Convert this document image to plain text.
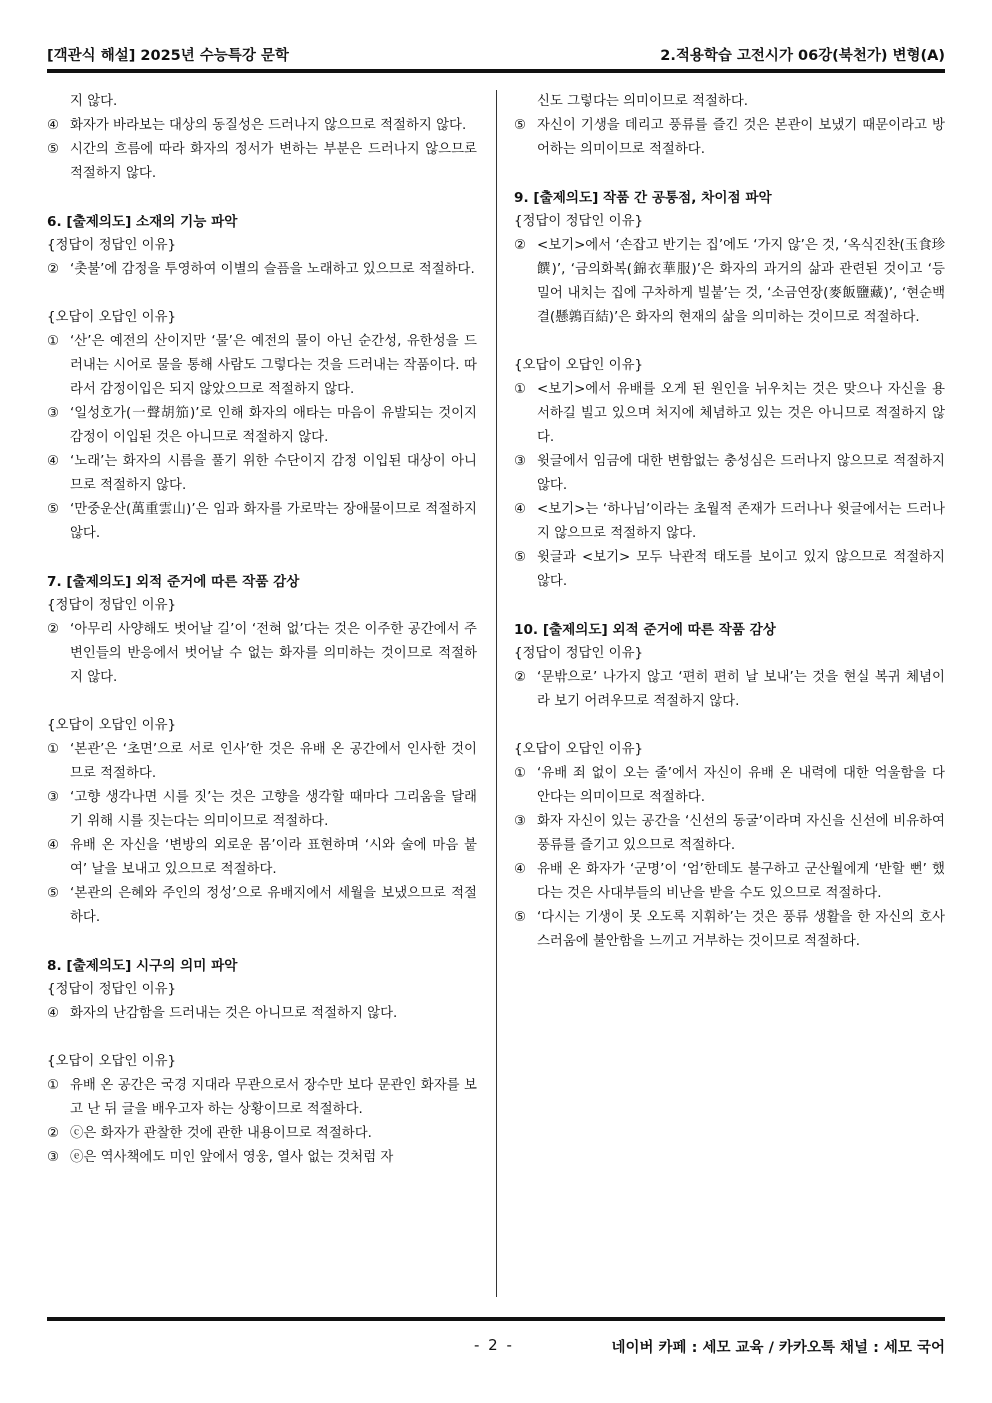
[객관식 해설] 2025년 수능특강 문학	2.적용학습 고전시가 06강(북천가) 변형(A)
지 않다.
④ 화자가 바라보는 대상의 동질성은 드러나지 않으므로 적절하지 않다.
⑤ 시간의 흐름에 따라 화자의 정서가 변하는 부분은 드러나지 않으므로 적절하지 않다.
6. [출제의도] 소재의 기능 파악
{정답이 정답인 이유}
② ‘촛불’에 감정을 투영하여 이별의 슬픔을 노래하고 있으므로 적절하다.
{오답이 오답인 이유}
① ‘산’은 예전의 산이지만 ‘물’은 예전의 물이 아닌 순간성, 유한성을 드러내는 시어로 물을 통해 사람도 그렇다는 것을 드러내는 작품이다. 따라서 감정이입은 되지 않았으므로 적절하지 않다.
③ ‘일성호가(一聲胡笳)’로 인해 화자의 애타는 마음이 유발되는 것이지 감정이 이입된 것은 아니므로 적절하지 않다.
④ ‘노래’는 화자의 시름을 풀기 위한 수단이지 감정 이입된 대상이 아니므로 적절하지 않다.
⑤ ‘만중운산(萬重雲山)’은 임과 화자를 가로막는 장애물이므로 적절하지 않다.
7. [출제의도] 외적 준거에 따른 작품 감상
{정답이 정답인 이유}
② ‘아무리 사양해도 벗어날 길’이 ‘전혀 없’다는 것은 이주한 공간에서 주변인들의 반응에서 벗어날 수 없는 화자를 의미하는 것이므로 적절하지 않다.
{오답이 오답인 이유}
① ‘본관’은 ‘초면’으로 서로 인사’한 것은 유배 온 공간에서 인사한 것이므로 적절하다.
③ ‘고향 생각나면 시를 짓’는 것은 고향을 생각할 때마다 그리움을 달래기 위해 시를 짓는다는 의미이므로 적절하다.
④ 유배 온 자신을 ‘변방의 외로운 몸’이라 표현하며 ‘시와 술에 마음 붙여’ 날을 보내고 있으므로 적절하다.
⑤ ‘본관의 은혜와 주인의 정성’으로 유배지에서 세월을 보냈으므로 적절하다.
8. [출제의도] 시구의 의미 파악
{정답이 정답인 이유}
④ 화자의 난감함을 드러내는 것은 아니므로 적절하지 않다.
{오답이 오답인 이유}
① 유배 온 공간은 국경 지대라 무관으로서 장수만 보다 문관인 화자를 보고 난 뒤 글을 배우고자 하는 상황이므로 적절하다.
② ⓒ은 화자가 관찰한 것에 관한 내용이므로 적절하다.
③ ⓔ은 역사책에도 미인 앞에서 영웅, 열사 없는 것처럼 자
신도 그렇다는 의미이므로 적절하다.
⑤ 자신이 기생을 데리고 풍류를 즐긴 것은 본관이 보냈기 때문이라고 방어하는 의미이므로 적절하다.
9. [출제의도] 작품 간 공통점, 차이점 파악
{정답이 정답인 이유}
② <보기>에서 ‘손잡고 반기는 집’에도 ‘가지 않’은 것, ‘옥식진찬(玉食珍饌)’, ‘금의화복(錦衣華服)’은 화자의 과거의 삶과 관련된 것이고 ‘등 밀어 내치는 집에 구차하게 빌붙’는 것, ‘소금연장(麥飯鹽藏)’, ‘현순백결(懸鶉百結)’은 화자의 현재의 삶을 의미하는 것이므로 적절하다.
{오답이 오답인 이유}
① <보기>에서 유배를 오게 된 원인을 뉘우치는 것은 맞으나 자신을 용서하길 빌고 있으며 처지에 체념하고 있는 것은 아니므로 적절하지 않다.
③ 윗글에서 임금에 대한 변함없는 충성심은 드러나지 않으므로 적절하지 않다.
④ <보기>는 ‘하나님’이라는 초월적 존재가 드러나나 윗글에서는 드러나지 않으므로 적절하지 않다.
⑤ 윗글과 <보기> 모두 낙관적 태도를 보이고 있지 않으므로 적절하지 않다.
10. [출제의도] 외적 준거에 따른 작품 감상
{정답이 정답인 이유}
② ‘문밖으로’ 나가지 않고 ‘편히 편히 날 보내’는 것을 현실 복귀 체념이라 보기 어려우므로 적절하지 않다.
{오답이 오답인 이유}
① ‘유배 죄 없이 오는 줄’에서 자신이 유배 온 내력에 대한 억울함을 다 안다는 의미이므로 적절하다.
③ 화자 자신이 있는 공간을 ‘신선의 동굴’이라며 자신을 신선에 비유하여 풍류를 즐기고 있으므로 적절하다.
④ 유배 온 화자가 ‘군명’이 ‘엄’한데도 불구하고 군산월에게 ‘반할 뻔’ 했다는 것은 사대부들의 비난을 받을 수도 있으므로 적절하다.
⑤ ‘다시는 기생이 못 오도록 지휘하’는 것은 풍류 생활을 한 자신의 호사스러움에 불안함을 느끼고 거부하는 것이므로 적절하다.
- 2 -	네이버 카페 : 세모 교육 / 카카오톡 채널 : 세모 국어
